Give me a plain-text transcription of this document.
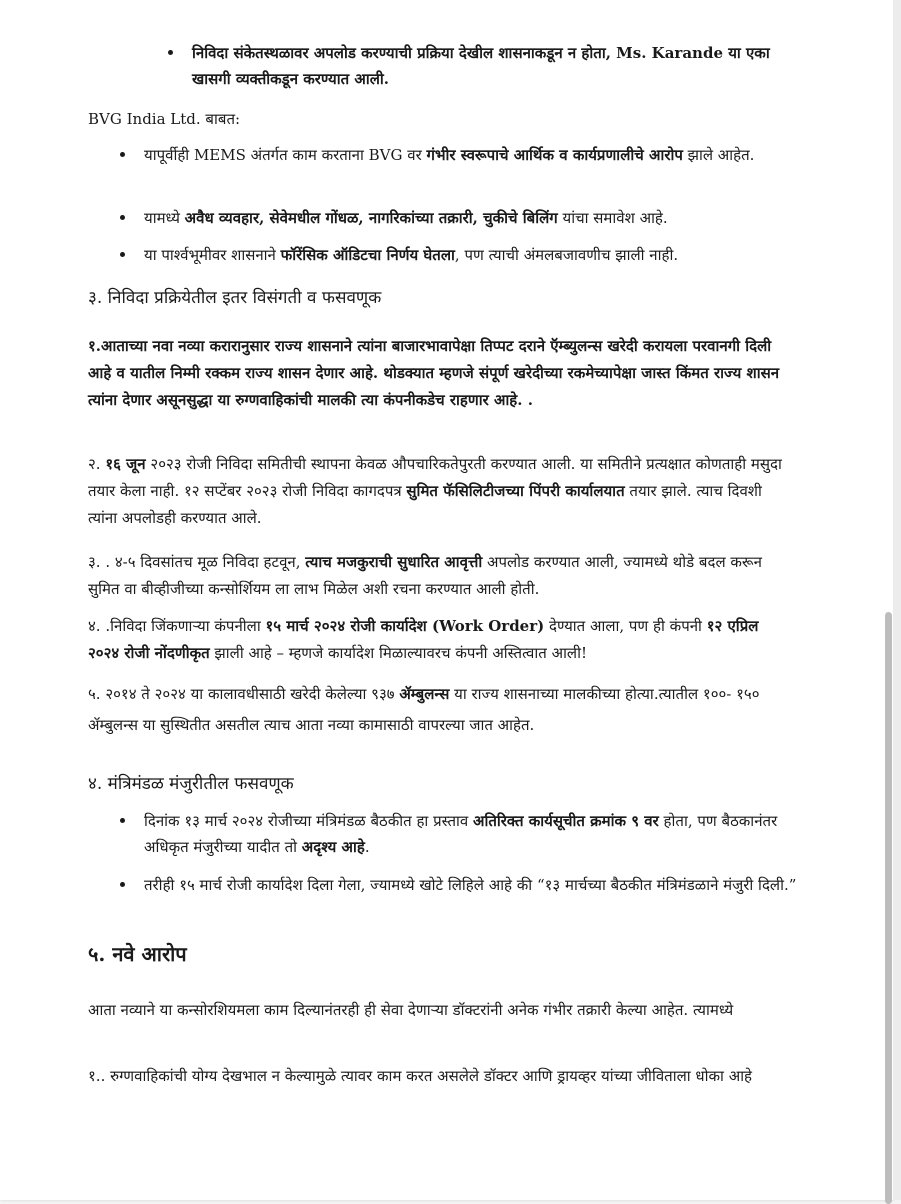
निविदा संकेतस्थळावर अपलोड करण्याची प्रक्रिया देखील शासनाकडून न होता, Ms. Karande या एका खासगी व्यक्तीकडून करण्यात आली.
BVG India Ltd. बाबत:
यापूर्वीही MEMS अंतर्गत काम करताना BVG वर गंभीर स्वरूपाचे आर्थिक व कार्यप्रणालीचे आरोप झाले आहेत.
यामध्ये अवैध व्यवहार, सेवेमधील गोंधळ, नागरिकांच्या तक्रारी, चुकीचे बिलिंग यांचा समावेश आहे.
या पार्श्वभूमीवर शासनाने फॉरेंसिक ऑडिटचा निर्णय घेतला, पण त्याची अंमलबजावणीच झाली नाही.
३. निविदा प्रक्रियेतील इतर विसंगती व फसवणूक

१.आताच्या नवा नव्या करारानुसार राज्य शासनाने त्यांना बाजारभावापेक्षा तिप्पट दराने ऍम्ब्युलन्स खरेदी करायला परवानगी दिली आहे व यातील निम्मी रक्कम राज्य शासन देणार आहे. थोडक्यात म्हणजे संपूर्ण खरेदीच्या रकमेच्यापेक्षा जास्त किंमत राज्य शासन त्यांना देणार असूनसुद्धा या रुग्णवाहिकांची मालकी त्या कंपनीकडेच राहणार आहे. .

२. १६ जून २०२३ रोजी निविदा समितीची स्थापना केवळ औपचारिकतेपुरती करण्यात आली. या समितीने प्रत्यक्षात कोणताही मसुदा तयार केला नाही. १२ सप्टेंबर २०२३ रोजी निविदा कागदपत्र सुमित फॅसिलिटीजच्या पिंपरी कार्यालयात तयार झाले. त्याच दिवशी त्यांना अपलोडही करण्यात आले.

३. . ४-५ दिवसांतच मूळ निविदा हटवून, त्याच मजकुराची सुधारित आवृत्ती अपलोड करण्यात आली, ज्यामध्ये थोडे बदल करून सुमित वा बीव्हीजीच्या कन्सोर्शियम ला लाभ मिळेल अशी रचना करण्यात आली होती.

४. .निविदा जिंकणाऱ्या कंपनीला १५ मार्च २०२४ रोजी कार्यादेश (Work Order) देण्यात आला, पण ही कंपनी १२ एप्रिल २०२४ रोजी नोंदणीकृत झाली आहे – म्हणजे कार्यादेश मिळाल्यावरच कंपनी अस्तित्वात आली!

५. २०१४ ते २०२४ या कालावधीसाठी खरेदी केलेल्या ९३७ ॲम्बुलन्स या राज्य शासनाच्या मालकीच्या होत्या.त्यातील १००- १५० ॲम्बुलन्स या सुस्थितीत असतील त्याच आता नव्या कामासाठी वापरल्या जात आहेत.

४. मंत्रिमंडळ मंजुरीतील फसवणूक
दिनांक १३ मार्च २०२४ रोजीच्या मंत्रिमंडळ बैठकीत हा प्रस्ताव अतिरिक्त कार्यसूचीत क्रमांक ९ वर होता, पण बैठकानंतर अधिकृत मंजुरीच्या यादीत तो अदृश्य आहे.
तरीही १५ मार्च रोजी कार्यादेश दिला गेला, ज्यामध्ये खोटे लिहिले आहे की “१३ मार्चच्या बैठकीत मंत्रिमंडळाने मंजुरी दिली.”
५. नवे आरोप

आता नव्याने या कन्सोरशियमला काम दिल्यानंतरही ही सेवा देणाऱ्या डॉक्टरांनी अनेक गंभीर तक्रारी केल्या आहेत. त्यामध्ये

१.. रुग्णवाहिकांची योग्य देखभाल न केल्यामुळे त्यावर काम करत असलेले डॉक्टर आणि ड्रायव्हर यांच्या जीविताला धोका आहे
